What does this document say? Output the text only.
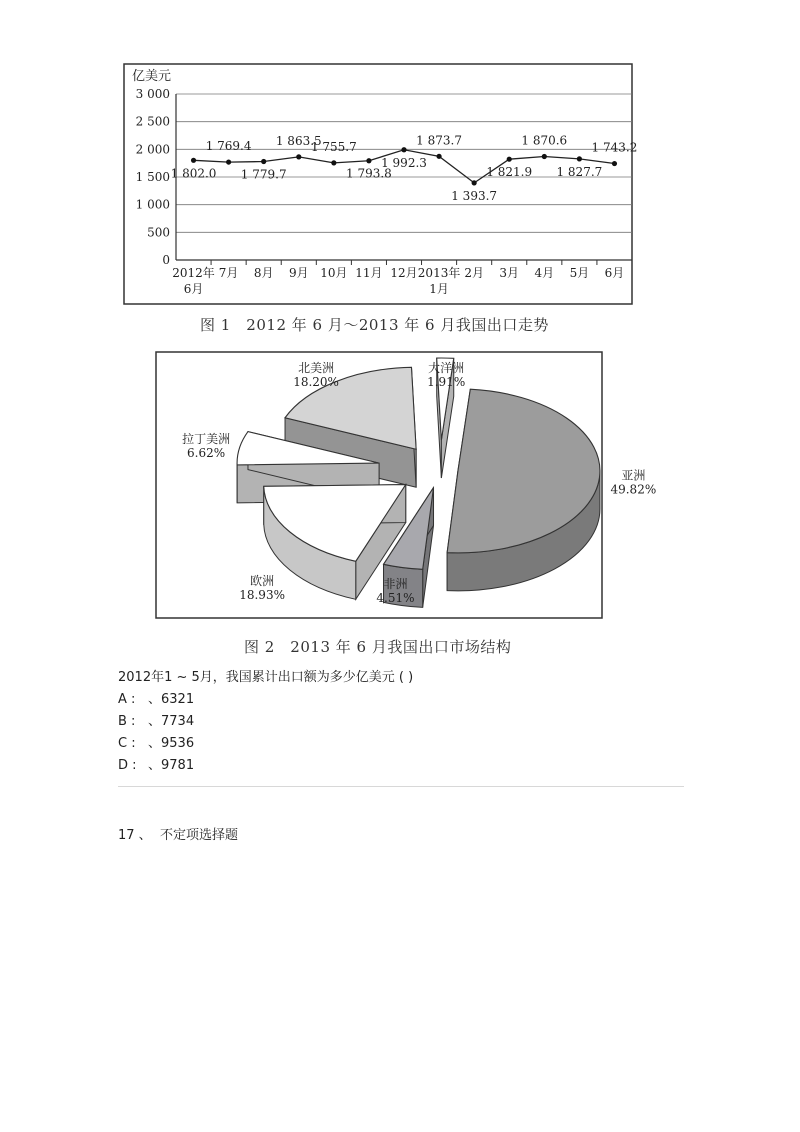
亿美元
0
500
1 000
1 500
2 000
2 500
3 000
2012年
6月
7月 8月 9月 10月 11月 12月 2013年
1月
2月 3月 4月 5月 6月
1 802.0
1 769.4
1 779.7
1 863.5
1 755.7
1 793.8
1 992.3
1 873.7
1 393.7
1 821.9
1 870.6
1 827.7
1 743.2
图 1　2012 年 6 月～2013 年 6 月我国出口走势
亚洲
49.82%
非洲
4.51%
欧洲
18.93%
拉丁美洲
6.62%
北美洲
18.20%
大洋洲
1.91%
图 2　2013 年 6 月我国出口市场结构
2012年1 ~ 5月，我国累计出口额为多少亿美元 ( )
A : 、6321
B : 、7734
C : 、9536
D : 、9781
17 、 不定项选择题
